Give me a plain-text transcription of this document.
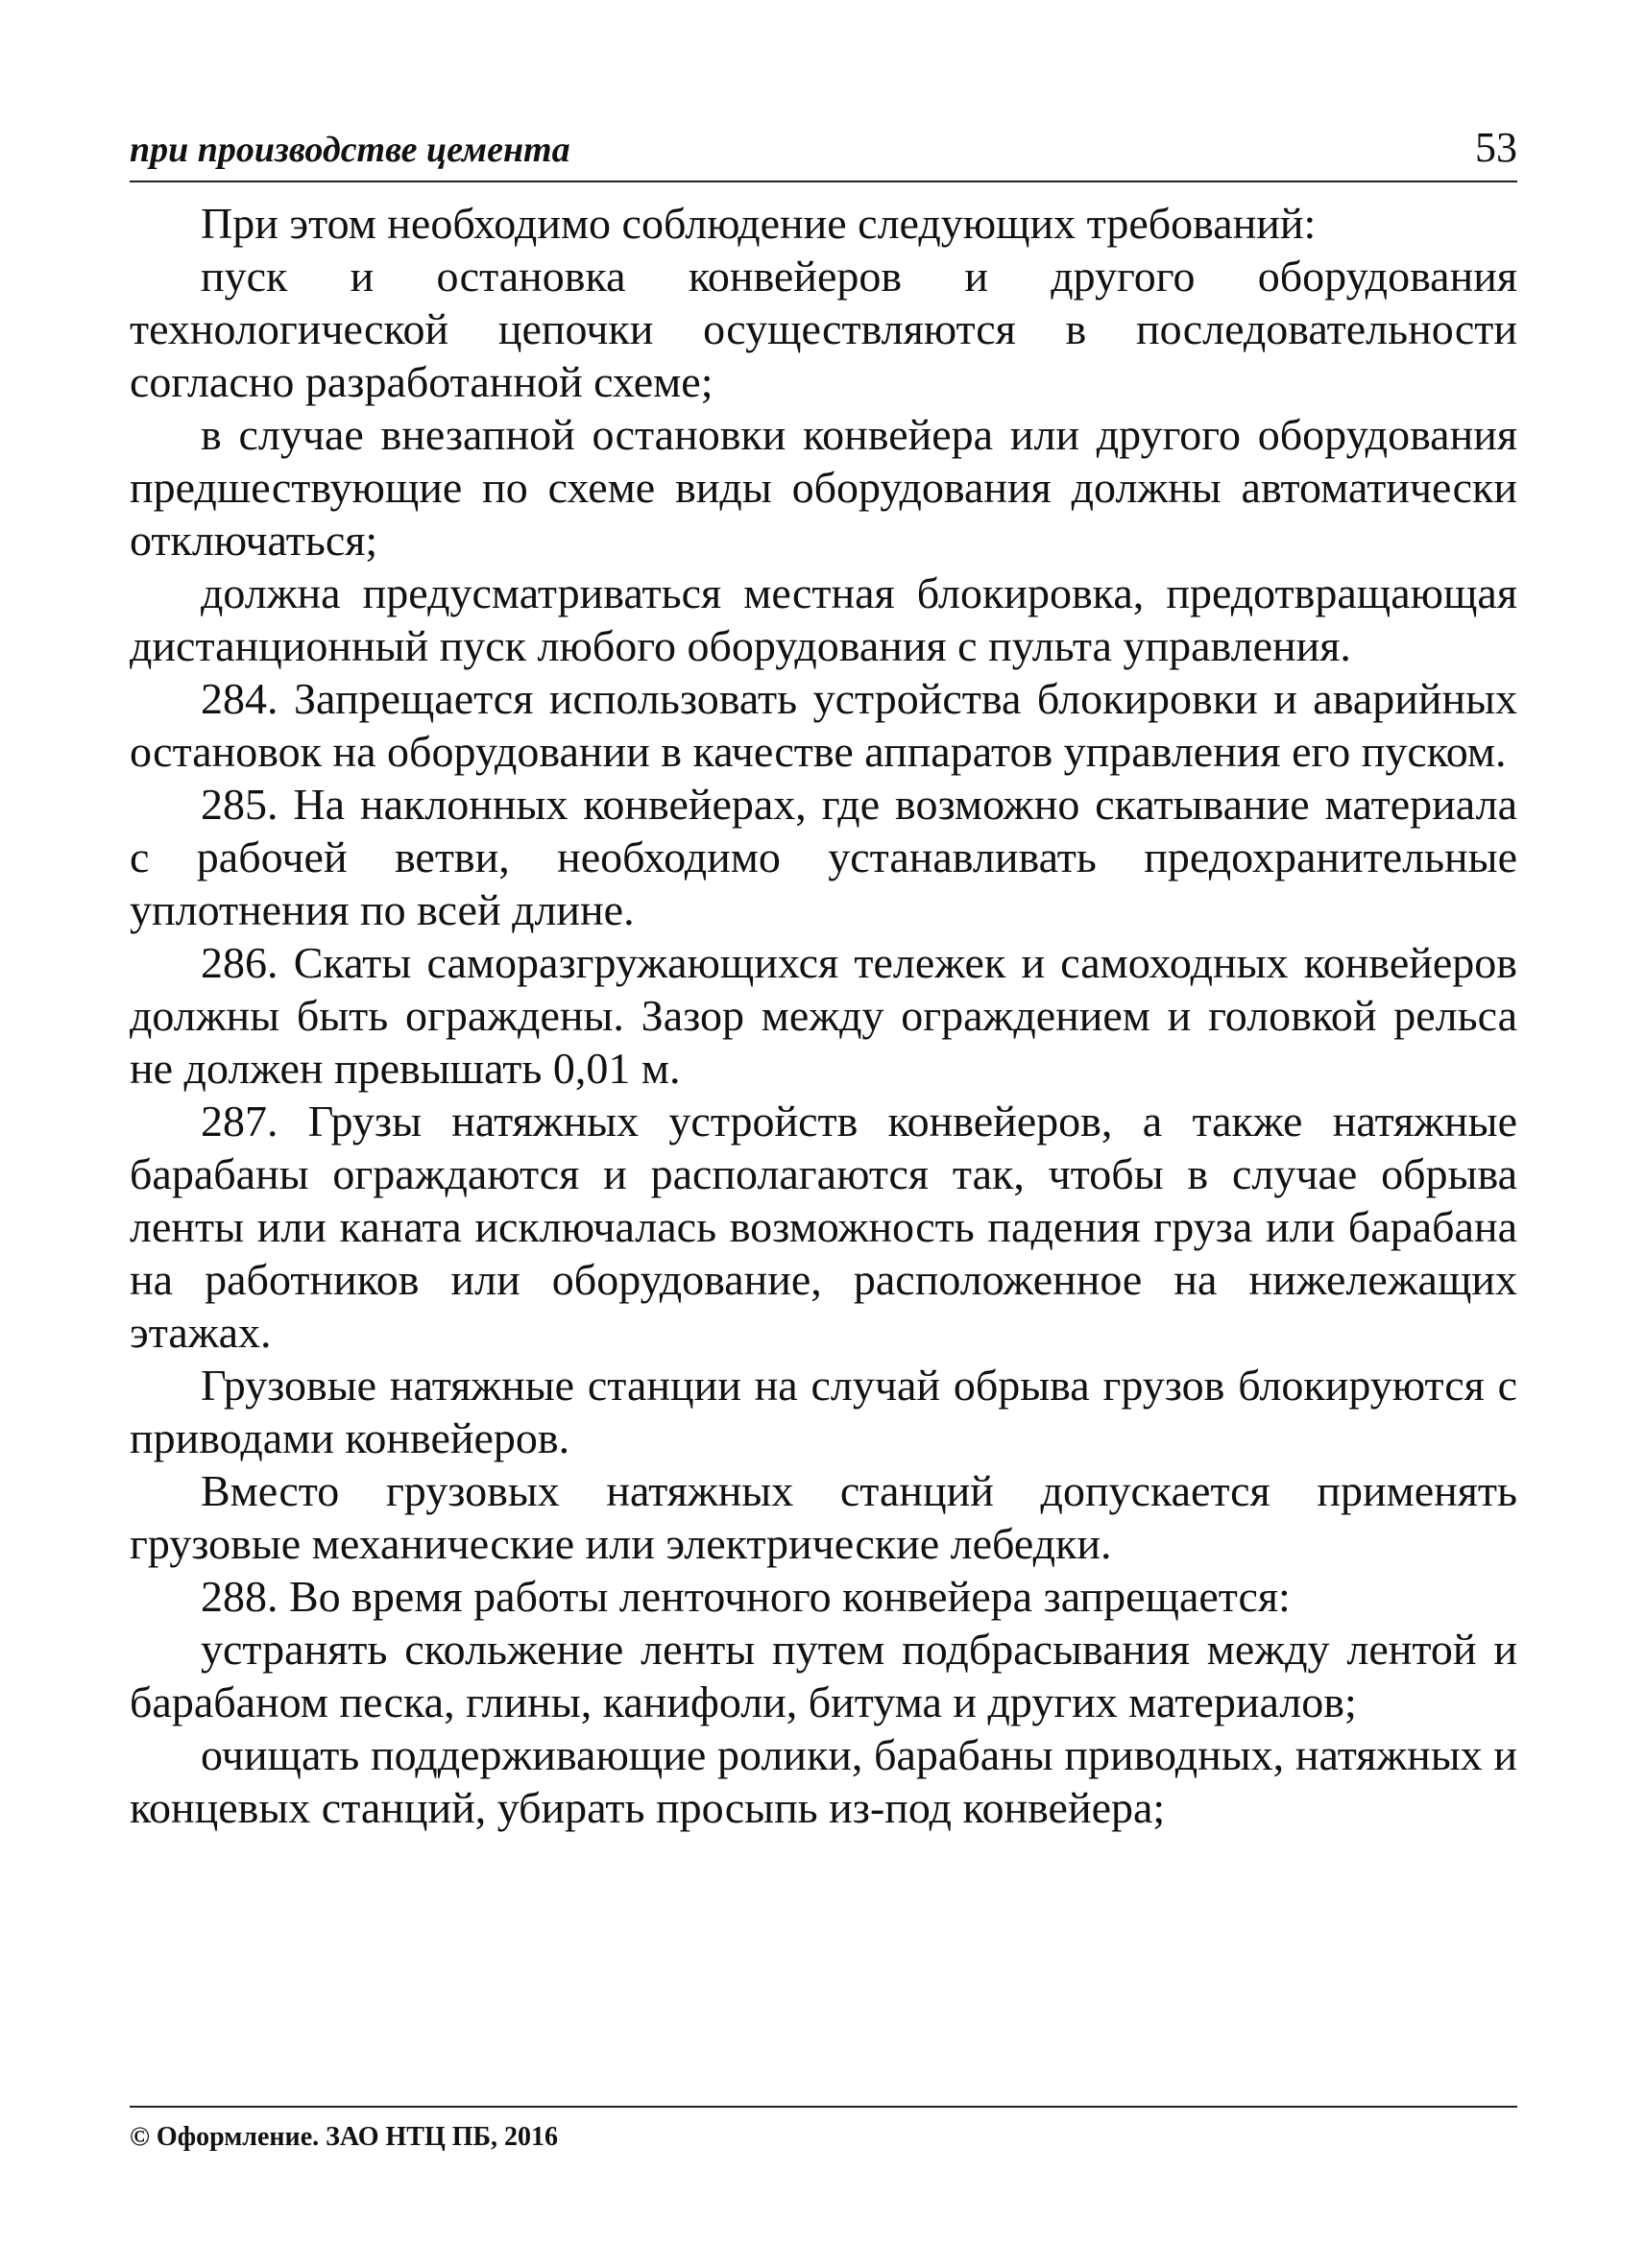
при производстве цемента	53

При этом необходимо соблюдение следующих требований:

пуск и остановка конвейеров и другого оборудования технологической цепочки осуществляются в последовательности согласно разработанной схеме;

в случае внезапной остановки конвейера или другого оборудования предшествующие по схеме виды оборудования должны автоматически отключаться;

должна предусматриваться местная блокировка, предотвращающая дистанционный пуск любого оборудования с пульта управления.

284. Запрещается использовать устройства блокировки и аварийных остановок на оборудовании в качестве аппаратов управления его пуском.

285. На наклонных конвейерах, где возможно скатывание материала с рабочей ветви, необходимо устанавливать предохранительные уплотнения по всей длине.

286. Скаты саморазгружающихся тележек и самоходных конвейеров должны быть ограждены. Зазор между ограждением и головкой рельса не должен превышать 0,01 м.

287. Грузы натяжных устройств конвейеров, а также натяжные барабаны ограждаются и располагаются так, чтобы в случае обрыва ленты или каната исключалась возможность падения груза или барабана на работников или оборудование, расположенное на нижележащих этажах.

Грузовые натяжные станции на случай обрыва грузов блокируются с приводами конвейеров.

Вместо грузовых натяжных станций допускается применять грузовые механические или электрические лебедки.

288. Во время работы ленточного конвейера запрещается:

устранять скольжение ленты путем подбрасывания между лентой и барабаном песка, глины, канифоли, битума и других материалов;

очищать поддерживающие ролики, барабаны приводных, натяжных и концевых станций, убирать просыпь из-под конвейера;

© Оформление. ЗАО НТЦ ПБ, 2016
